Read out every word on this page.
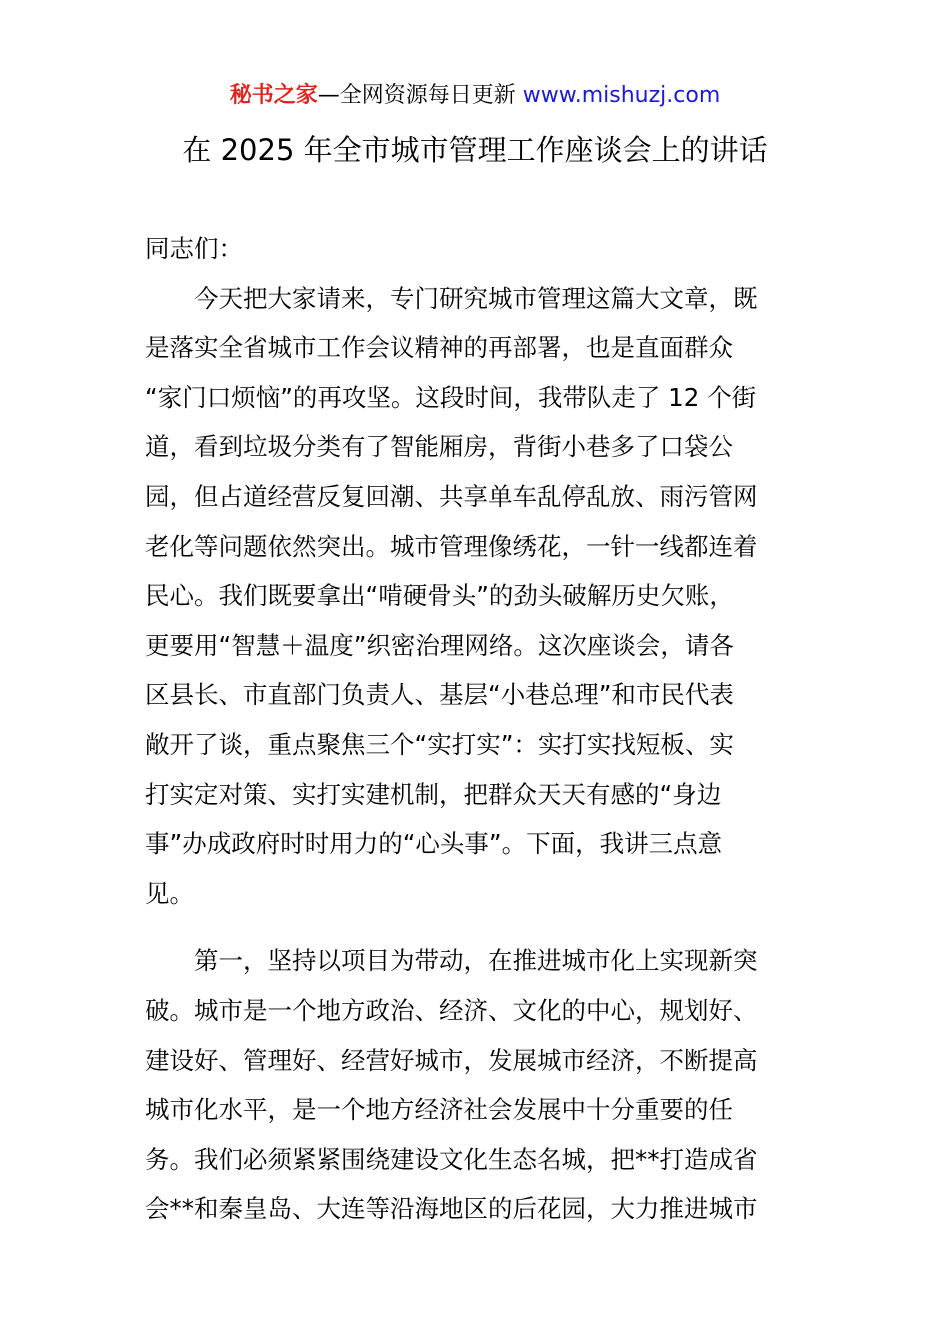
秘书之家—全网资源每日更新 www.mishuzj.com
在 2025 年全市城市管理工作座谈会上的讲话
同志们：
今天把大家请来，专门研究城市管理这篇大文章，既
是落实全省城市工作会议精神的再部署，也是直面群众
“家门口烦恼”的再攻坚。这段时间，我带队走了 12 个街
道，看到垃圾分类有了智能厢房，背街小巷多了口袋公
园，但占道经营反复回潮、共享单车乱停乱放、雨污管网
老化等问题依然突出。城市管理像绣花，一针一线都连着
民心。我们既要拿出“啃硬骨头”的劲头破解历史欠账，
更要用“智慧＋温度”织密治理网络。这次座谈会，请各
区县长、市直部门负责人、基层“小巷总理”和市民代表
敞开了谈，重点聚焦三个“实打实”：实打实找短板、实
打实定对策、实打实建机制，把群众天天有感的“身边
事”办成政府时时用力的“心头事”。下面，我讲三点意
见。
第一，坚持以项目为带动，在推进城市化上实现新突
破。城市是一个地方政治、经济、文化的中心，规划好、
建设好、管理好、经营好城市，发展城市经济，不断提高
城市化水平，是一个地方经济社会发展中十分重要的任
务。我们必须紧紧围绕建设文化生态名城，把**打造成省
会**和秦皇岛、大连等沿海地区的后花园，大力推进城市
